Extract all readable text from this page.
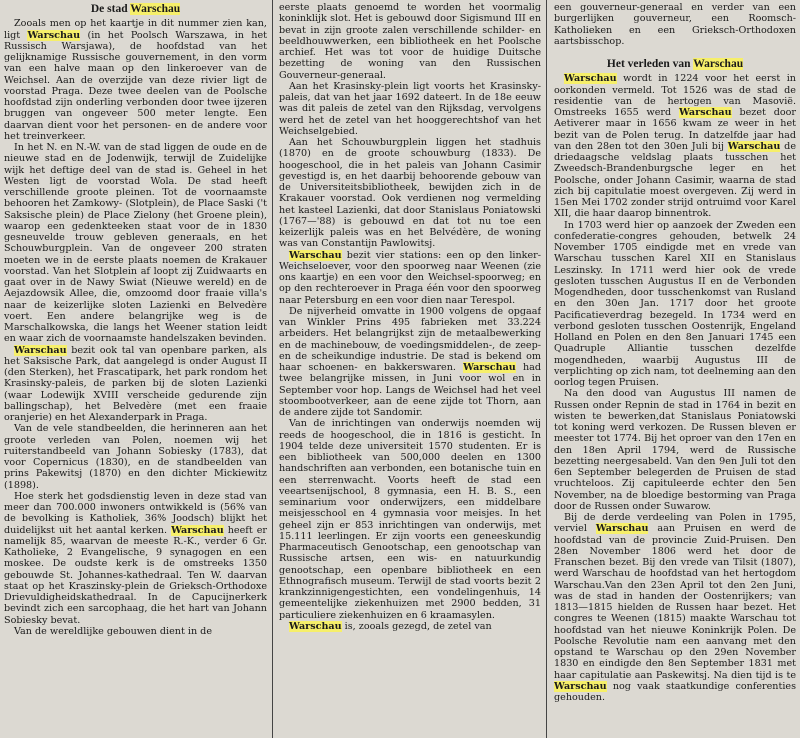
De stad Warschau

Zooals men op het kaartje in dit nummer zien kan, ligt Warschau (in het Poolsch Warszawa, in het Russisch Warsjawa), de hoofdstad van het gelijknamige Russische gouvernement, in den vorm van een halve maan op den linkeroever van de Weichsel. Aan de overzijde van deze rivier ligt de voorstad Praga. Deze twee deelen van de Poolsche hoofdstad zijn onderling verbonden door twee ijzeren bruggen van ongeveer 500 meter lengte. Een daarvan dient voor het personen- en de andere voor het treinverkeer.

In het N. en N.-W. van de stad liggen de oude en de nieuwe stad en de Jodenwijk, terwijl de Zuidelijke wijk het deftige deel van de stad is. Geheel in het Westen ligt de voorstad Wola. De stad heeft verschillende groote pleinen. Tot de voornaamste behooren het Zamkowy- (Slotplein), de Place Saski ('t Saksische plein) de Place Zielony (het Groene plein), waarop een gedenkteeken staat voor de in 1830 gesneuvelde trouw gebleven generaals, en het Schouwburgplein. Van de ongeveer 200 straten moeten we in de eerste plaats noemen de Krakauer voorstad. Van het Slotplein af loopt zij Zuidwaarts en gaat over in de Nawy Swiat (Nieuwe wereld) en de Aejazdowsik Allee, die, omzoomd door fraaie villa's naar de keizerlijke sloten Lazienki en Belvedère voert. Een andere belangrijke weg is de Marschalkowska, die langs het Weener station leidt en waar zich de voornaamste handelszaken bevinden.

Warschau bezit ook tal van openbare parken, als het Saksische Park, dat aangelegd is onder August II (den Sterken), het Frascatipark, het park rondom het Krasinsky-paleis, de parken bij de sloten Lazienki (waar Lodewijk XVIII verscheide gedurende zijn ballingschap), het Belvedère (met een fraaie oranjerie) en het Alexanderpark in Praga.

Van de vele standbeelden, die herinneren aan het groote verleden van Polen, noemen wij het ruiterstandbeeld van Johann Sobiesky (1783), dat voor Copernicus (1830), en de standbeelden van prins Pakewitsj (1870) en den dichter Mickiewitz (1898).

Hoe sterk het godsdienstig leven in deze stad van meer dan 700.000 inwoners ontwikkeld is (56% van de bevolking is Katholiek, 36% Joodsch) blijkt het duidelijkst uit het aantal kerken. Warschau heeft er namelijk 85, waarvan de meeste R.-K., verder 6 Gr. Katholieke, 2 Evangelische, 9 synagogen en een moskee. De oudste kerk is de omstreeks 1350 gebouwde St. Johannes-kathedraal. Ten W. daarvan staat op het Kraszinsky-plein de Grieksch-Orthodoxe Drievuldigheidskathedraal. In de Capucijnerkerk bevindt zich een sarcophaag, die het hart van Johann Sobiesky bevat.

Van de wereldlijke gebouwen dient in de

eerste plaats genoemd te worden het voormalig koninklijk slot. Het is gebouwd door Sigismund III en bevat in zijn groote zalen verschillende schilder- en beeldhouwwerken, een bibliotheek en het Poolsche archief. Het was tot voor de huidige Duitsche bezetting de woning van den Russischen Gouverneur-generaal.

Aan het Krasinsky-plein ligt voorts het Krasinsky-paleis, dat van het jaar 1692 dateert. In de 18e eeuw was dit paleis de zetel van den Rijksdag, vervolgens werd het de zetel van het hooggerechtshof van het Weichselgebied.

Aan het Schouwburgplein liggen het stadhuis (1870) en de groote schouwburg (1833). De hoogeschool, die in het paleis van Johann Casimir gevestigd is, en het daarbij behoorende gebouw van de Universiteitsbibliotheek, bewijden zich in de Krakauer voorstad. Ook verdienen nog vermelding het kasteel Lazienki, dat door Stanislaus Poniatowski (1767—'88) is gebouwd en dat tot nu toe een keizerlijk paleis was en het Belvédère, de woning was van Constantijn Pawlowitsj.

Warschau bezit vier stations: een op den linker-Weichseloever, voor den spoorweg naar Weenen (zie ons kaartje) en een voor den Weichsel-spoorweg; en op den rechteroever in Praga één voor den spoorweg naar Petersburg en een voor dien naar Terespol.

De nijverheid omvatte in 1900 volgens de opgaaf van Winkler Prins 495 fabrieken met 33.224 arbeiders. Het belangrijkst zijn de metaalbewerking en de machinebouw, de voedingsmiddelen-, de zeep- en de scheikundige industrie. De stad is bekend om haar schoenen- en bakkerswaren. Warschau had twee belangrijke missen, in Juni voor wol en in September voor hop. Langs de Weichsel had het veel stoombootverkeer, aan de eene zijde tot Thorn, aan de andere zijde tot Sandomir.

Van de inrichtingen van onderwijs noemden wij reeds de hoogeschool, die in 1816 is gesticht. In 1904 telde deze universiteit 1570 studenten. Er is een bibliotheek van 500,000 deelen en 1300 handschriften aan verbonden, een botanische tuin en een sterrenwacht. Voorts heeft de stad een veeartsenijschool, 8 gymnasia, een H. B. S., een seminarium voor onderwijzers, een middelbare meisjesschool en 4 gymnasia voor meisjes. In het geheel zijn er 853 inrichtingen van onderwijs, met 15.111 leerlingen. Er zijn voorts een geneeskundig Pharmaceutisch Genootschap, een genootschap van Russische artsen, een wis- en natuurkundig genootschap, een openbare bibliotheek en een Ethnografisch museum. Terwijl de stad voorts bezit 2 krankzinnigengestichten, een vondelingenhuis, 14 gemeentelijke ziekenhuizen met 2900 bedden, 31 particuliere ziekenhuizen en 6 kraamasylen.

Warschau is, zooals gezegd, de zetel van

een gouverneur-generaal en verder van een burgerlijken gouverneur, een Roomsch-Katholieken en een Grieksch-Orthodoxen aartsbisschop.

Het verleden van Warschau

Warschau wordt in 1224 voor het eerst in oorkonden vermeld. Tot 1526 was de stad de residentie van de hertogen van Masovië. Omstreeks 1655 werd Warschau bezet door Aetiverer maar in 1656 kwam ze weer in het bezit van de Polen terug. In datzelfde jaar had van den 28en tot den 30en Juli bij Warschau de driedaagsche veldslag plaats tusschen het Zweedsch-Brandenburgsche leger en het Poolsche, onder Johann Casimir, waarna de stad zich bij capitulatie moest overgeven. Zij werd in 15en Mei 1702 zonder strijd ontruimd voor Karel XII, die haar daarop binnentrok.

In 1703 werd hier op aanzoek der Zweden een confederatie-congres gehouden, betwelk 24 November 1705 eindigde met en vrede van Warschau tusschen Karel XII en Stanislaus Leszinsky. In 1711 werd hier ook de vrede gesloten tusschen Augustus II en de Verbonden Mogendheden, door tusschenkomst van Rusland en den 30en Jan. 1717 door het groote Pacificatieverdrag bezegeld. In 1734 werd en verbond gesloten tusschen Oostenrijk, Engeland Holland en Polen en den 8en Januari 1745 een Quadruple Alliantie tusschen dezelfde mogendheden, waarbij Augustus III de verplichting op zich nam, tot deelneming aan den oorlog tegen Pruisen.

Na den dood van Augustus III namen de Russen onder Repnin de stad in 1764 in bezit en wisten te bewerken,dat Stanislaus Poniatowski tot koning werd verkozen. De Russen bleven er meester tot 1774. Bij het oproer van den 17en en den 18en April 1794, werd de Russische bezetting neergesabeld. Van den 9en Juli tot den 6en September belegerden de Pruisen de stad vruchteloos. Zij capituleerde echter den 5en November, na de bloedige bestorming van Praga door de Russen onder Suwarow.

Bij de derde verdeeling van Polen in 1795, verviel Warschau aan Pruisen en werd de hoofdstad van de provincie Zuid-Pruisen. Den 28en November 1806 werd het door de Franschen bezet. Bij den vrede van Tilsit (1807), werd Warschau de hoofdstad van het hertogdom Warschau.Van den 23en April tot den 2en Juni, was de stad in handen der Oostenrijkers; van 1813—1815 hielden de Russen haar bezet. Het congres te Weenen (1815) maakte Warschau tot hoofdstad van het nieuwe Koninkrijk Polen. De Poolsche Revolutie nam een aanvang met den opstand te Warschau op den 29en November 1830 en eindigde den 8en September 1831 met haar capitulatie aan Paskewitsj. Na dien tijd is te Warschau nog vaak staatkundige conferenties gehouden.
